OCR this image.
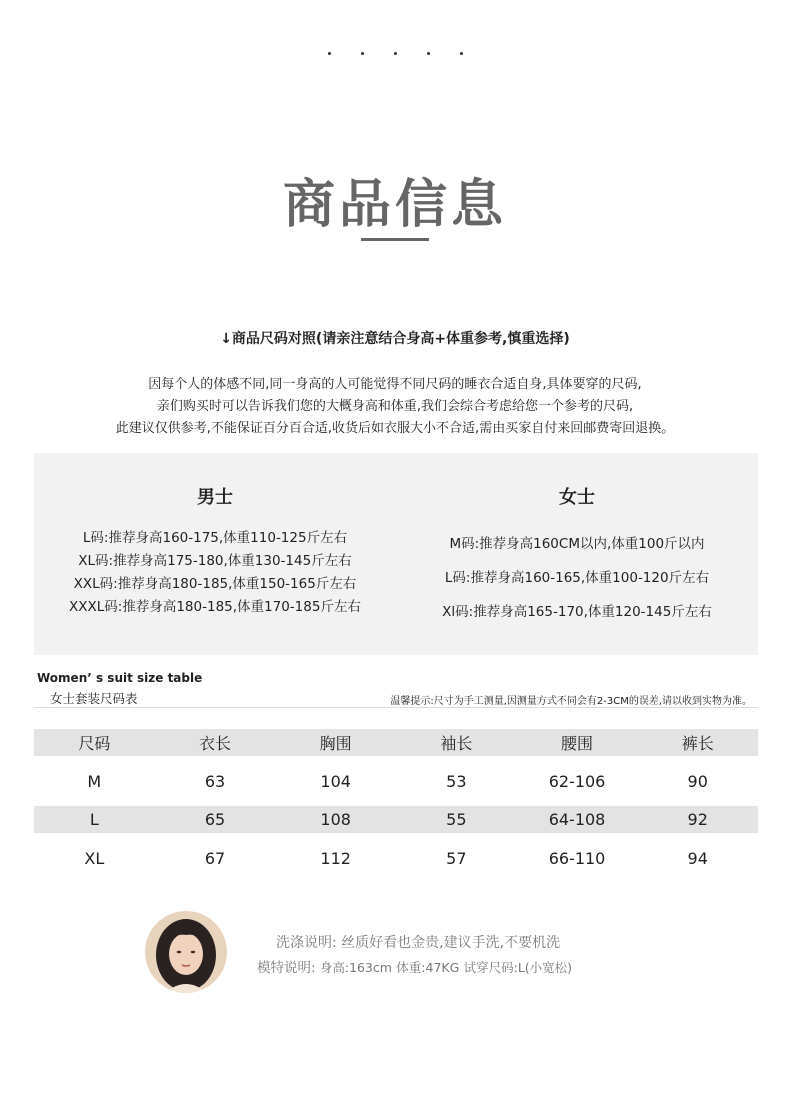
商品信息
↓商品尺码对照(请亲注意结合身高+体重参考,慎重选择)
因每个人的体感不同,同一身高的人可能觉得不同尺码的睡衣合适自身,具体要穿的尺码,
亲们购买时可以告诉我们您的大概身高和体重,我们会综合考虑给您一个参考的尺码,
此建议仅供参考,不能保证百分百合适,收货后如衣服大小不合适,需由买家自付来回邮费寄回退换。
男士
L码:推荐身高160-175,体重110-125斤左右
XL码:推荐身高175-180,体重130-145斤左右
XXL码:推荐身高180-185,体重150-165斤左右
XXXL码:推荐身高180-185,体重170-185斤左右
女士
M码:推荐身高160CM以内,体重100斤以内
L码:推荐身高160-165,体重100-120斤左右
Xl码:推荐身高165-170,体重120-145斤左右
Women’ s suit size table
女士套装尺码表	温馨提示:尺寸为手工测量,因测量方式不同会有2-3CM的误差,请以收到实物为准。
尺码	衣长	胸围	袖长	腰围	裤长
M	63	104	53	62-106	90
L	65	108	55	64-108	92
XL	67	112	57	66-110	94
洗涤说明: 丝质好看也金贵,建议手洗,不要机洗
模特说明: 身高:163cm 体重:47KG 试穿尺码:L(小宽松)
